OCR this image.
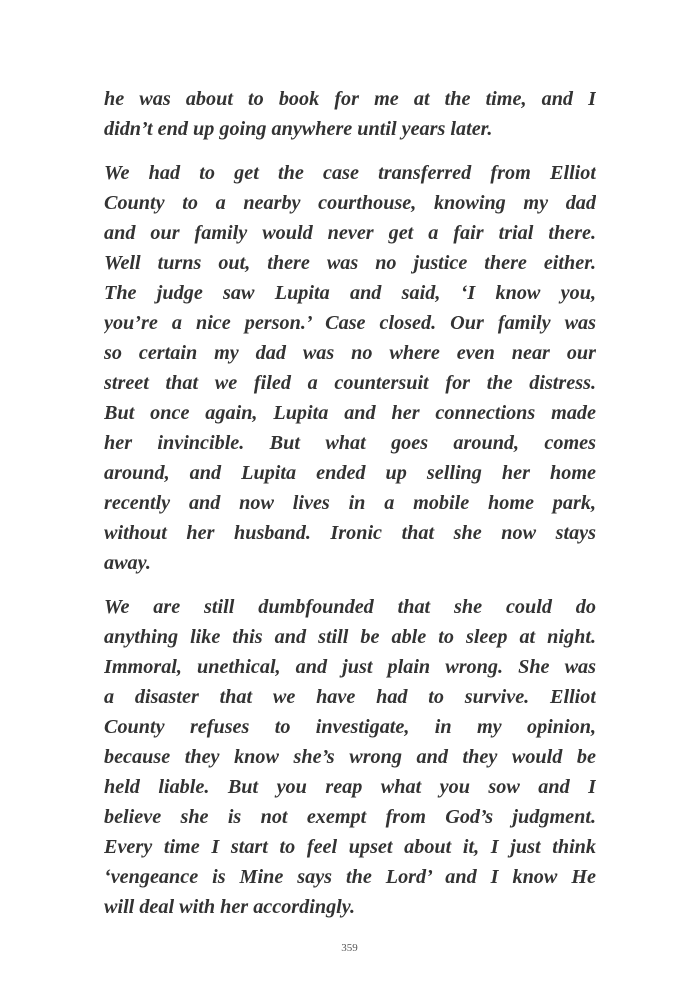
he was about to book for me at the time, and I
didn’t end up going anywhere until years later.
We had to get the case transferred from Elliot
County to a nearby courthouse, knowing my dad
and our family would never get a fair trial there.
Well turns out, there was no justice there either.
The judge saw Lupita and said, ‘I know you,
you’re a nice person.’ Case closed. Our family was
so certain my dad was no where even near our
street that we filed a countersuit for the distress.
But once again, Lupita and her connections made
her invincible. But what goes around, comes
around, and Lupita ended up selling her home
recently and now lives in a mobile home park,
without her husband. Ironic that she now stays
away.
We are still dumbfounded that she could do
anything like this and still be able to sleep at night.
Immoral, unethical, and just plain wrong. She was
a disaster that we have had to survive. Elliot
County refuses to investigate, in my opinion,
because they know she’s wrong and they would be
held liable. But you reap what you sow and I
believe she is not exempt from God’s judgment.
Every time I start to feel upset about it, I just think
‘vengeance is Mine says the Lord’ and I know He
will deal with her accordingly.
359
